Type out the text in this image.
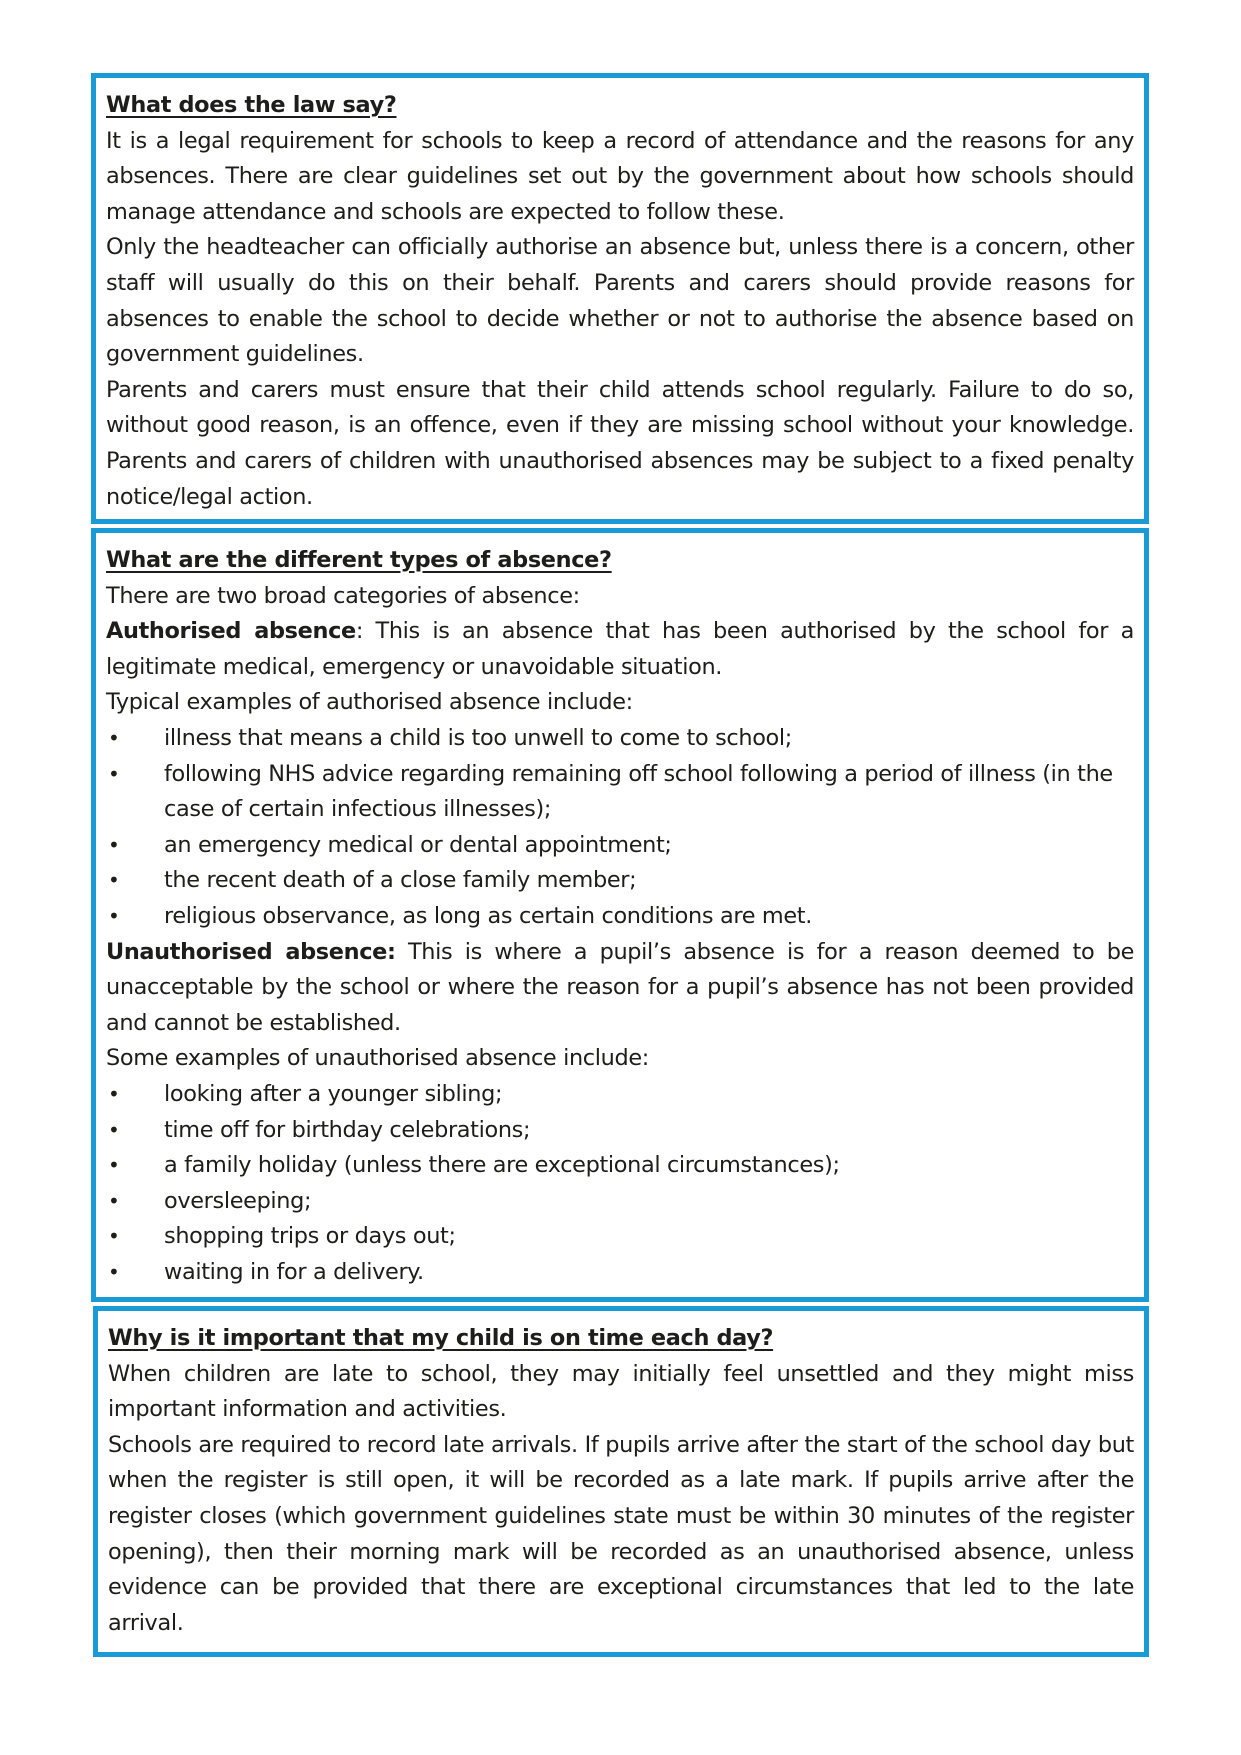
What does the law say?

It is a legal requirement for schools to keep a record of attendance and the reasons for any absences. There are clear guidelines set out by the government about how schools should manage attendance and schools are expected to follow these.

Only the headteacher can officially authorise an absence but, unless there is a concern, other staff will usually do this on their behalf. Parents and carers should provide reasons for absences to enable the school to decide whether or not to authorise the absence based on government guidelines.

Parents and carers must ensure that their child attends school regularly. Failure to do so, without good reason, is an offence, even if they are missing school without your knowledge. Parents and carers of children with unauthorised absences may be subject to a fixed penalty notice/legal action.

What are the different types of absence?

There are two broad categories of absence:

Authorised absence: This is an absence that has been authorised by the school for a legitimate medical, emergency or unavoidable situation.

Typical examples of authorised absence include:

• illness that means a child is too unwell to come to school;
• following NHS advice regarding remaining off school following a period of illness (in the case of certain infectious illnesses);
• an emergency medical or dental appointment;
• the recent death of a close family member;
• religious observance, as long as certain conditions are met.

Unauthorised absence: This is where a pupil’s absence is for a reason deemed to be unacceptable by the school or where the reason for a pupil’s absence has not been provided and cannot be established.

Some examples of unauthorised absence include:

• looking after a younger sibling;
• time off for birthday celebrations;
• a family holiday (unless there are exceptional circumstances);
• oversleeping;
• shopping trips or days out;
• waiting in for a delivery.
Why is it important that my child is on time each day?

When children are late to school, they may initially feel unsettled and they might miss important information and activities.

Schools are required to record late arrivals. If pupils arrive after the start of the school day but when the register is still open, it will be recorded as a late mark. If pupils arrive after the register closes (which government guidelines state must be within 30 minutes of the register opening), then their morning mark will be recorded as an unauthorised absence, unless evidence can be provided that there are exceptional circumstances that led to the late arrival.
